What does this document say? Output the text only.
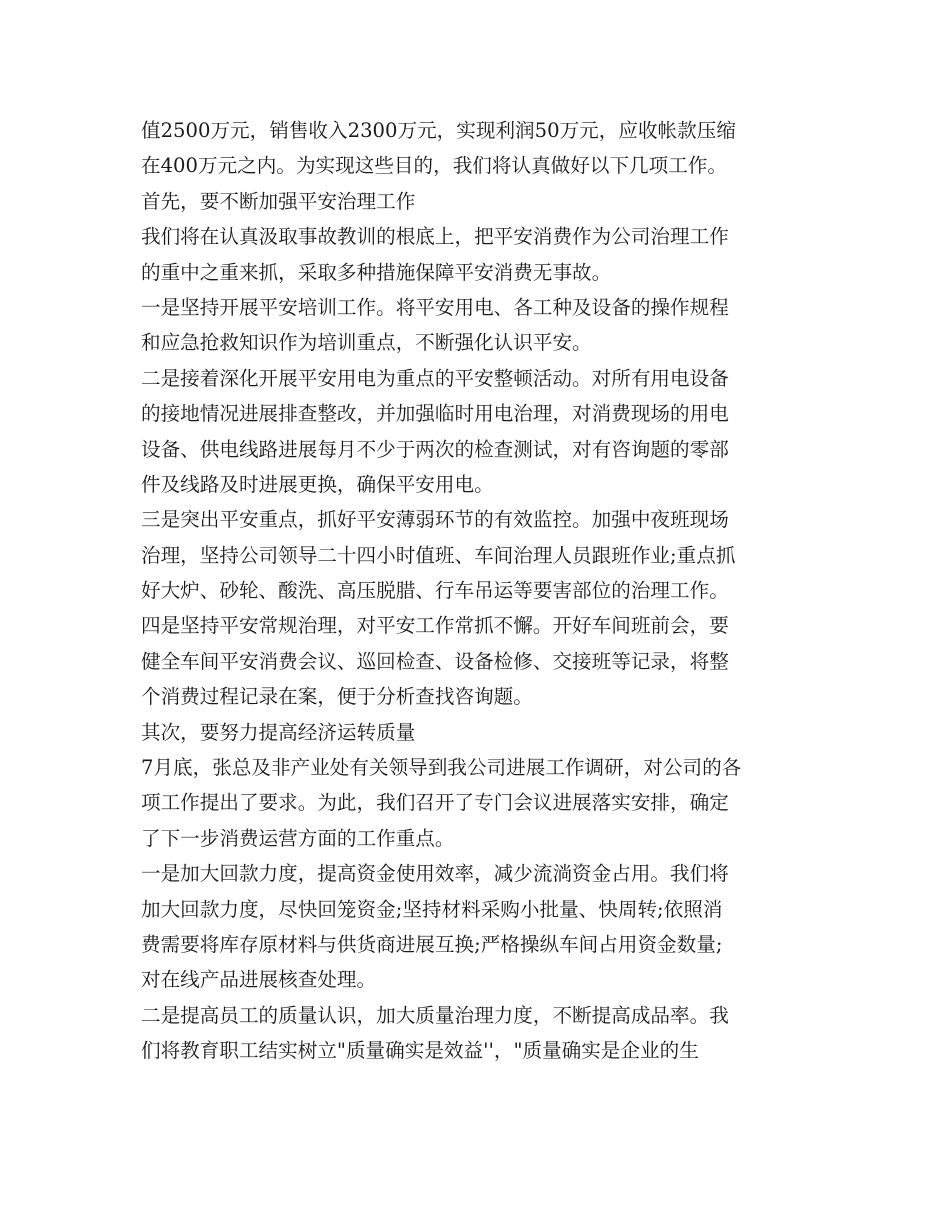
值2500万元，销售收入2300万元，实现利润50万元，应收帐款压缩
在400万元之内。为实现这些目的，我们将认真做好以下几项工作。
首先，要不断加强平安治理工作
我们将在认真汲取事故教训的根底上，把平安消费作为公司治理工作
的重中之重来抓，采取多种措施保障平安消费无事故。
一是坚持开展平安培训工作。将平安用电、各工种及设备的操作规程
和应急抢救知识作为培训重点，不断强化认识平安。
二是接着深化开展平安用电为重点的平安整顿活动。对所有用电设备
的接地情况进展排查整改，并加强临时用电治理，对消费现场的用电
设备、供电线路进展每月不少于两次的检查测试，对有咨询题的零部
件及线路及时进展更换，确保平安用电。
三是突出平安重点，抓好平安薄弱环节的有效监控。加强中夜班现场
治理，坚持公司领导二十四小时值班、车间治理人员跟班作业;重点抓
好大炉、砂轮、酸洗、高压脱腊、行车吊运等要害部位的治理工作。
四是坚持平安常规治理，对平安工作常抓不懈。开好车间班前会，要
健全车间平安消费会议、巡回检查、设备检修、交接班等记录，将整
个消费过程记录在案，便于分析查找咨询题。
其次，要努力提高经济运转质量
7月底，张总及非产业处有关领导到我公司进展工作调研，对公司的各
项工作提出了要求。为此，我们召开了专门会议进展落实安排，确定
了下一步消费运营方面的工作重点。
一是加大回款力度，提高资金使用效率，减少流淌资金占用。我们将
加大回款力度，尽快回笼资金;坚持材料采购小批量、快周转;依照消
费需要将库存原材料与供货商进展互换;严格操纵车间占用资金数量;
对在线产品进展核查处理。
二是提高员工的质量认识，加大质量治理力度，不断提高成品率。我
们将教育职工结实树立"质量确实是效益''，"质量确实是企业的生
